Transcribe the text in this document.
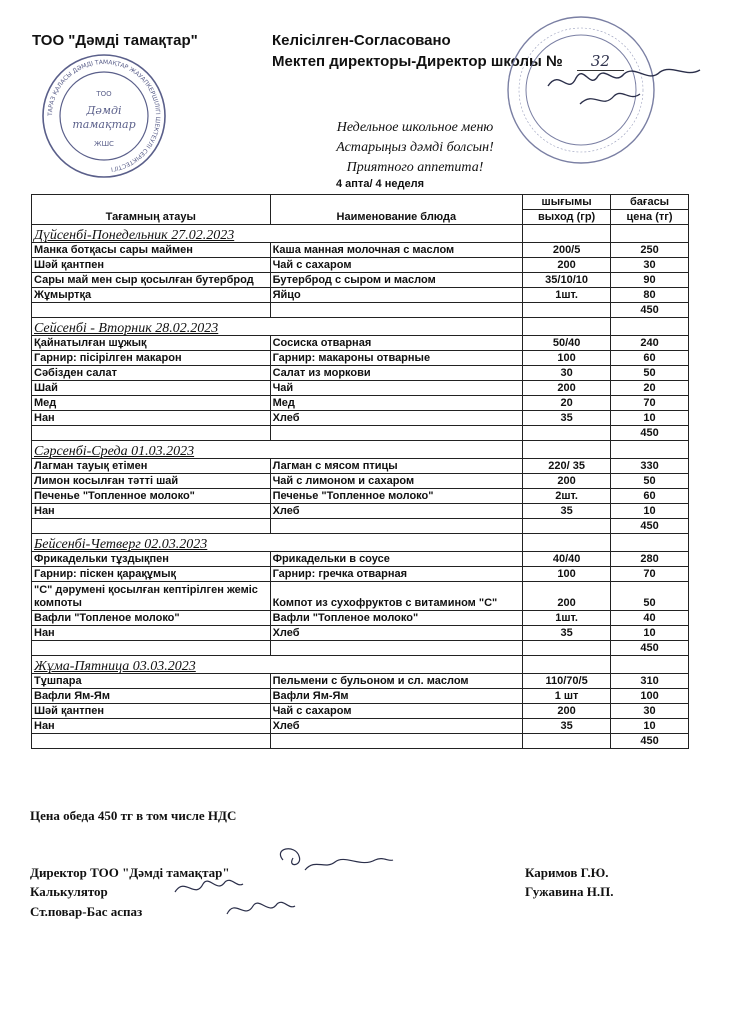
ТОО "Дәмді тамақтар"	Келісілген-Согласовано
Мектеп директоры-Директор школы № 32
ТАРАЗ ҚАЛАСЫ ДӘМДІ ТАМАҚТАР ЖАУАПКЕРШІЛІГІ ШЕКТЕУЛІ СЕРІКТЕСТІГІ
ТОО
Дәмді
тамақтар
ЖШС
Недельное школьное меню
Астарыңыз дәмді болсын!
Приятного аппетита!
4 апта/ 4 неделя
Тағамның атауы	Наименование блюда	шығымы	бағасы
		выход (гр)	цена (тг)
Дүйсенбі-Понедельник 27.02.2023			
Манка ботқасы сары маймен	Каша манная молочная с маслом	200/5	250
Шәй қантпен	Чай с сахаром	200	30
Сары май мен сыр қосылған бутерброд	Бутерброд с сыром и маслом	35/10/10	90
Жұмыртқа	Яйцо	1шт.	80
			450
Сейсенбі - Вторник 28.02.2023			
Қайнатылған шұжық	Сосиска отварная	50/40	240
Гарнир: пісірілген макарон	Гарнир: макароны отварные	100	60
Сәбізден салат	Салат из моркови	30	50
Шай	Чай	200	20
Мед	Мед	20	70
Нан	Хлеб	35	10
			450
Сәрсенбі-Среда 01.03.2023			
Лагман тауық етімен	Лагман с мясом птицы	220/ 35	330
Лимон косылған тәтті шай	Чай с лимоном и сахаром	200	50
Печенье "Топленное молоко"	Печенье "Топленное молоко"	2шт.	60
Нан	Хлеб	35	10
			450
Бейсенбі-Четверг 02.03.2023			
Фрикадельки тұздықпен	Фрикадельки в соусе	40/40	280
Гарнир: піскен қарақұмық	Гарнир: гречка отварная	100	70
"С" дәрумені қосылған кептірілген жеміс компоты	Компот из сухофруктов с витамином "С"	200	50
Вафли "Топленое молоко"	Вафли "Топленое молоко"	1шт.	40
Нан	Хлеб	35	10
			450
Жұма-Пятница 03.03.2023			
Тұшпара	Пельмени с бульоном и сл. маслом	110/70/5	310
Вафли Ям-Ям	Вафли Ям-Ям	1 шт	100
Шәй қантпен	Чай с сахаром	200	30
Нан	Хлеб	35	10
			450
Цена обеда 450 тг в том числе НДС
Директор ТОО "Дәмді тамақтар"
Калькулятор
Ст.повар-Бас аспаз
Каримов Г.Ю.
Гужавина Н.П.
